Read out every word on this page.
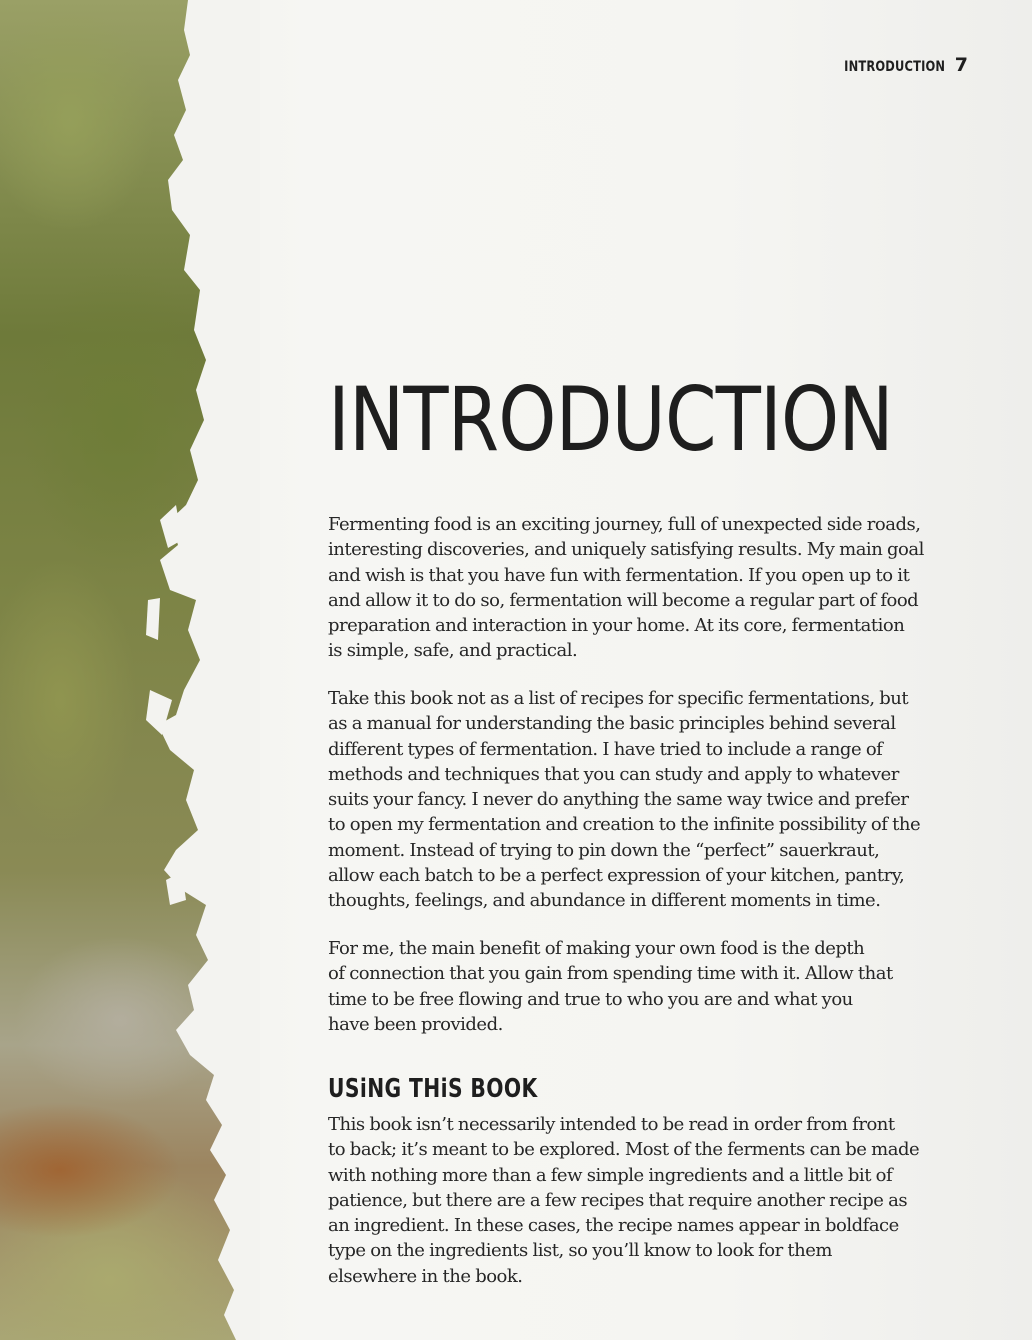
INTRODUCTION 7
INTRODUCTION

Fermenting food is an exciting journey, full of unexpected side roads,
interesting discoveries, and uniquely satisfying results. My main goal
and wish is that you have fun with fermentation. If you open up to it
and allow it to do so, fermentation will become a regular part of food
preparation and interaction in your home. At its core, fermentation
is simple, safe, and practical.

Take this book not as a list of recipes for specific fermentations, but
as a manual for understanding the basic principles behind several
different types of fermentation. I have tried to include a range of
methods and techniques that you can study and apply to whatever
suits your fancy. I never do anything the same way twice and prefer
to open my fermentation and creation to the infinite possibility of the
moment. Instead of trying to pin down the “perfect” sauerkraut,
allow each batch to be a perfect expression of your kitchen, pantry,
thoughts, feelings, and abundance in different moments in time.

For me, the main benefit of making your own food is the depth
of connection that you gain from spending time with it. Allow that
time to be free flowing and true to who you are and what you
have been provided.

USiNG THiS BOOK

This book isn’t necessarily intended to be read in order from front
to back; it’s meant to be explored. Most of the ferments can be made
with nothing more than a few simple ingredients and a little bit of
patience, but there are a few recipes that require another recipe as
an ingredient. In these cases, the recipe names appear in boldface
type on the ingredients list, so you’ll know to look for them
elsewhere in the book.
